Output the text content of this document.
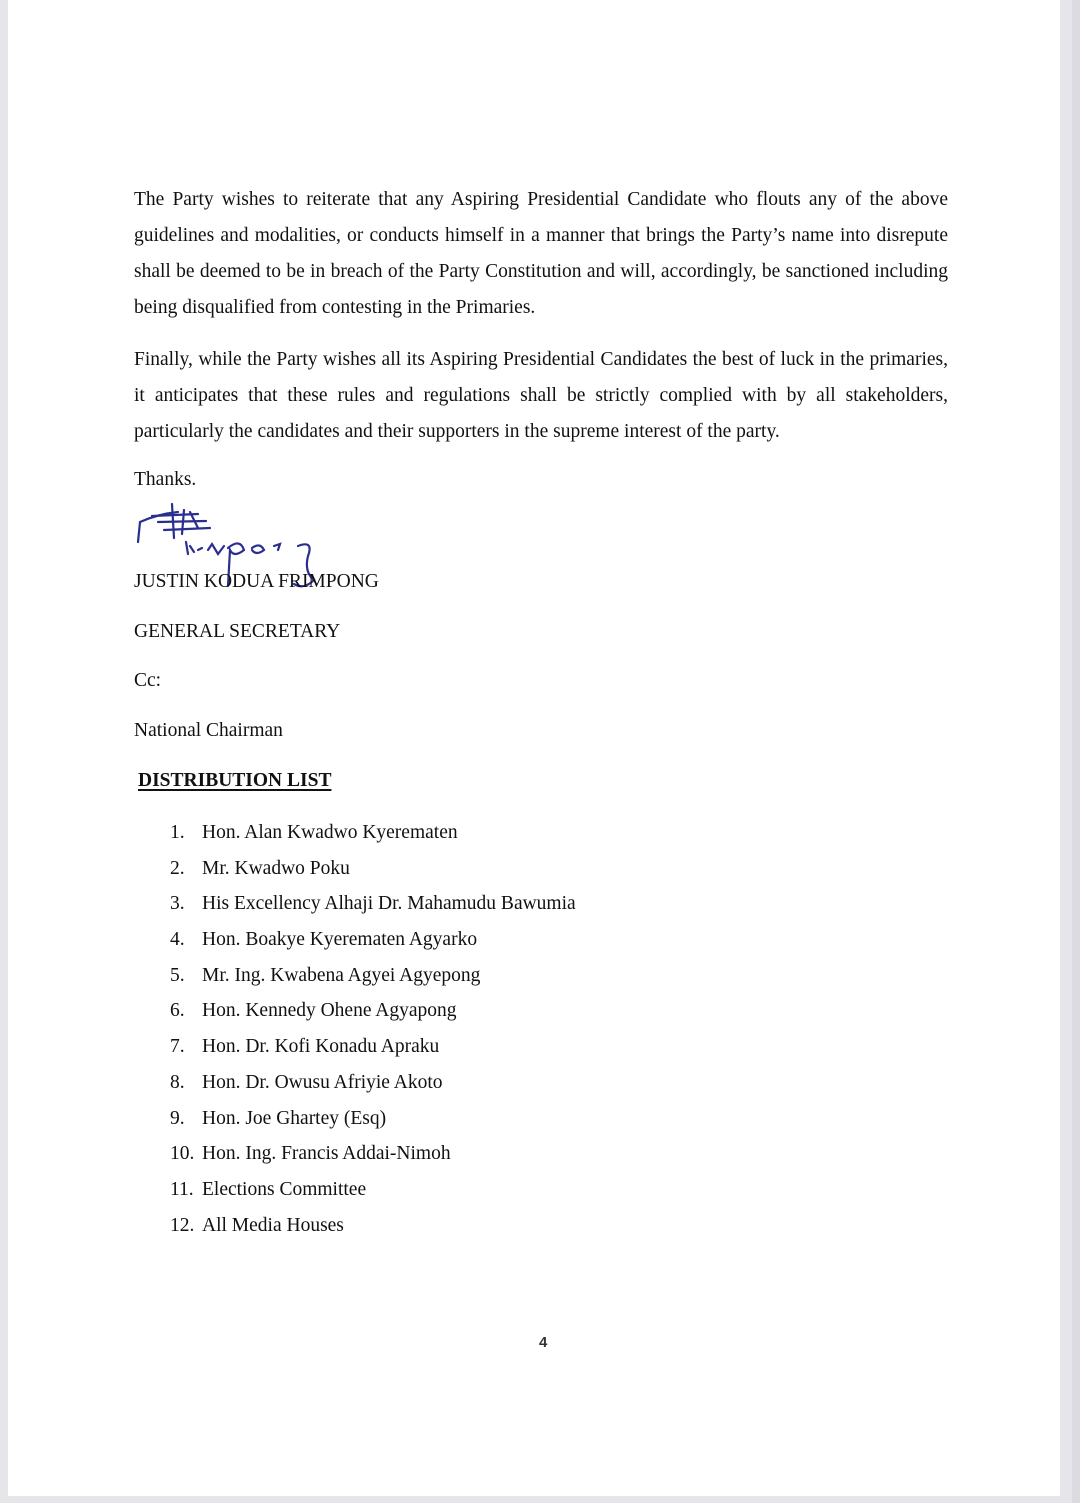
The Party wishes to reiterate that any Aspiring Presidential Candidate who flouts any of the above guidelines and modalities, or conducts himself in a manner that brings the Party’s name into disrepute shall be deemed to be in breach of the Party Constitution and will, accordingly, be sanctioned including being disqualified from contesting in the Primaries.

Finally, while the Party wishes all its Aspiring Presidential Candidates the best of luck in the primaries, it anticipates that these rules and regulations shall be strictly complied with by all stakeholders, particularly the candidates and their supporters in the supreme interest of the party.

Thanks.
JUSTIN KODUA FRIMPONG
GENERAL SECRETARY
Cc:
National Chairman
DISTRIBUTION LIST
1. Hon. Alan Kwadwo Kyerematen
2. Mr. Kwadwo Poku
3. His Excellency Alhaji Dr. Mahamudu Bawumia
4. Hon. Boakye Kyerematen Agyarko
5. Mr. Ing. Kwabena Agyei Agyepong
6. Hon. Kennedy Ohene Agyapong
7. Hon. Dr. Kofi Konadu Apraku
8. Hon. Dr. Owusu Afriyie Akoto
9. Hon. Joe Ghartey (Esq)
10. Hon. Ing. Francis Addai-Nimoh
11. Elections Committee
12. All Media Houses
4
